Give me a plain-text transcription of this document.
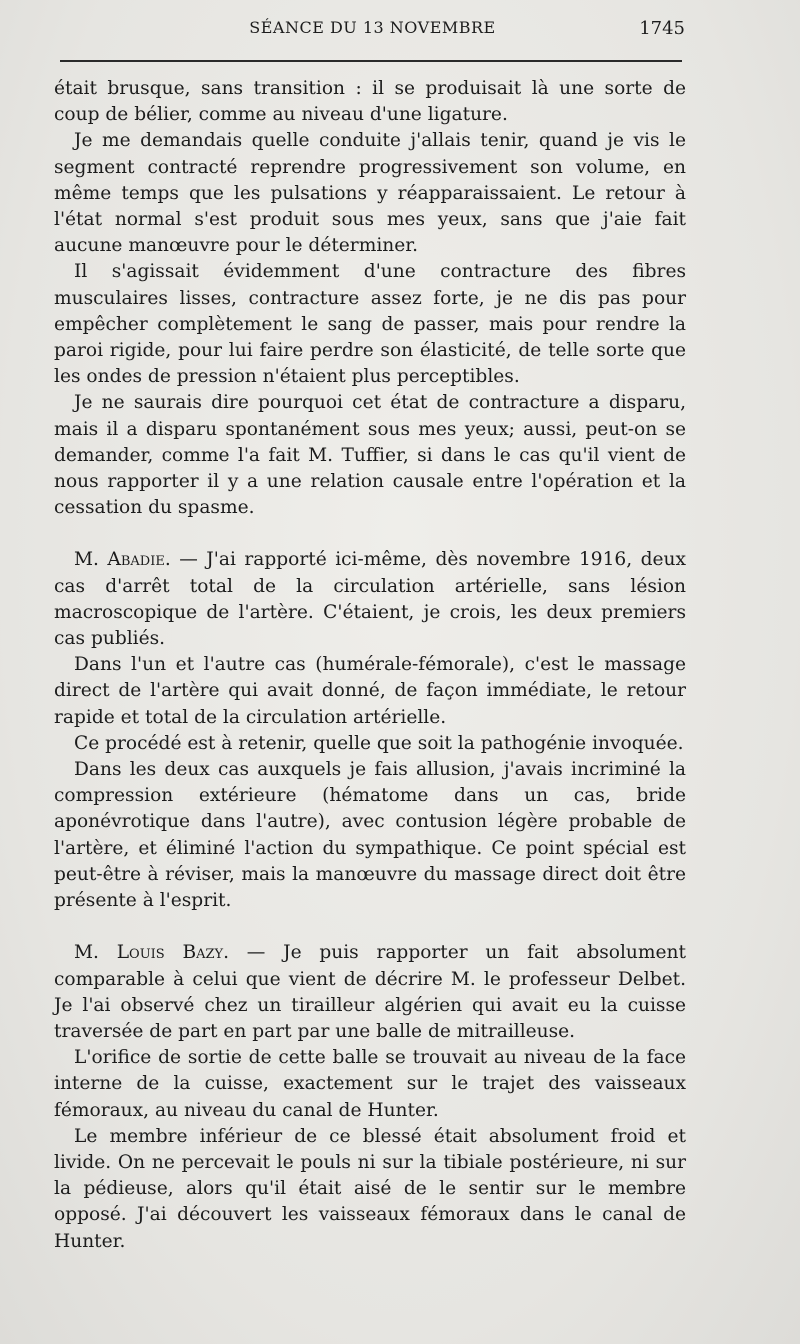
SÉANCE DU 13 NOVEMBRE	1745

était brusque, sans transition : il se produisait là une sorte de coup de bélier, comme au niveau d'une ligature.

Je me demandais quelle conduite j'allais tenir, quand je vis le segment contracté reprendre progressivement son volume, en même temps que les pulsations y réapparaissaient. Le retour à l'état normal s'est produit sous mes yeux, sans que j'aie fait aucune manœuvre pour le déterminer.

Il s'agissait évidemment d'une contracture des fibres musculaires lisses, contracture assez forte, je ne dis pas pour empêcher complètement le sang de passer, mais pour rendre la paroi rigide, pour lui faire perdre son élasticité, de telle sorte que les ondes de pression n'étaient plus perceptibles.

Je ne saurais dire pourquoi cet état de contracture a disparu, mais il a disparu spontanément sous mes yeux; aussi, peut-on se demander, comme l'a fait M. Tuffier, si dans le cas qu'il vient de nous rapporter il y a une relation causale entre l'opération et la cessation du spasme.

M. Abadie. — J'ai rapporté ici-même, dès novembre 1916, deux cas d'arrêt total de la circulation artérielle, sans lésion macroscopique de l'artère. C'étaient, je crois, les deux premiers cas publiés.

Dans l'un et l'autre cas (humérale-fémorale), c'est le massage direct de l'artère qui avait donné, de façon immédiate, le retour rapide et total de la circulation artérielle.

Ce procédé est à retenir, quelle que soit la pathogénie invoquée.

Dans les deux cas auxquels je fais allusion, j'avais incriminé la compression extérieure (hématome dans un cas, bride aponévrotique dans l'autre), avec contusion légère probable de l'artère, et éliminé l'action du sympathique. Ce point spécial est peut-être à réviser, mais la manœuvre du massage direct doit être présente à l'esprit.

M. Louis Bazy. — Je puis rapporter un fait absolument comparable à celui que vient de décrire M. le professeur Delbet. Je l'ai observé chez un tirailleur algérien qui avait eu la cuisse traversée de part en part par une balle de mitrailleuse.

L'orifice de sortie de cette balle se trouvait au niveau de la face interne de la cuisse, exactement sur le trajet des vaisseaux fémoraux, au niveau du canal de Hunter.

Le membre inférieur de ce blessé était absolument froid et livide. On ne percevait le pouls ni sur la tibiale postérieure, ni sur la pédieuse, alors qu'il était aisé de le sentir sur le membre opposé. J'ai découvert les vaisseaux fémoraux dans le canal de Hunter.
